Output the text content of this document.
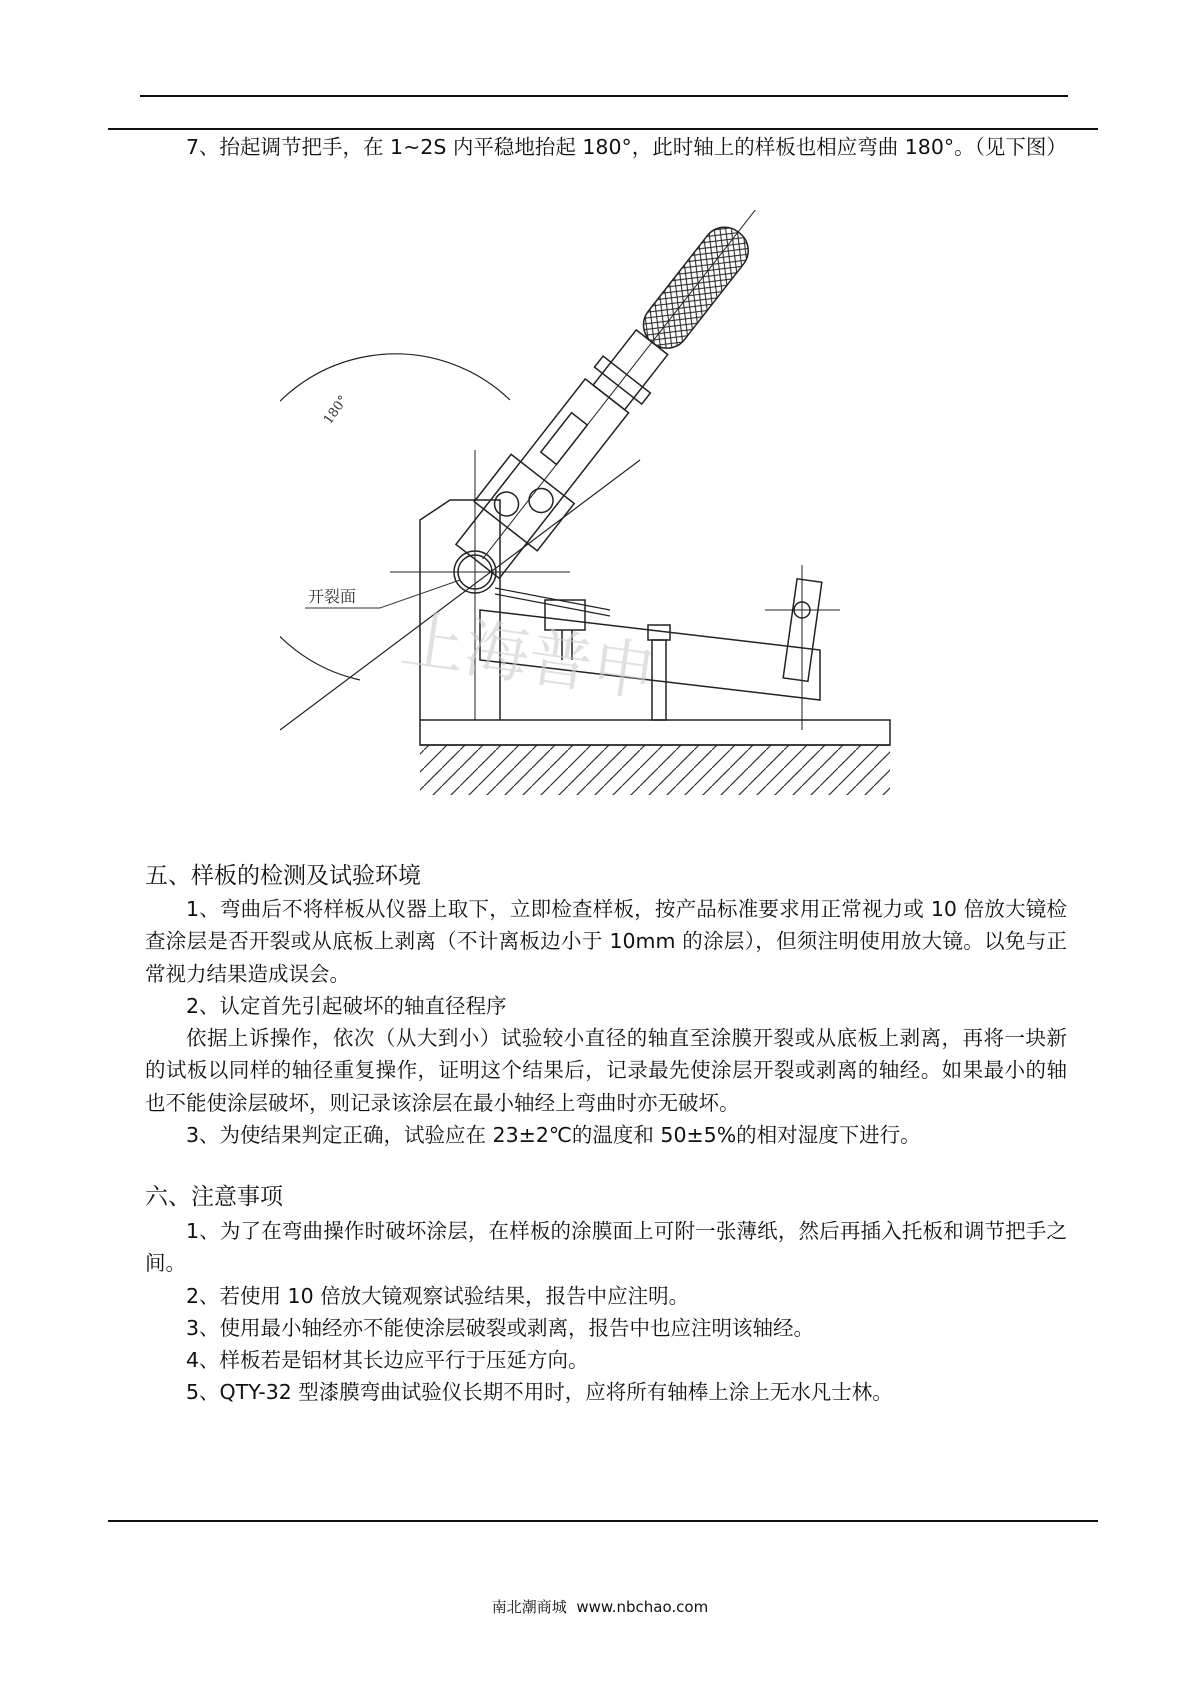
7、抬起调节把手，在 1~2S 内平稳地抬起 180°，此时轴上的样板也相应弯曲 180°。（见下图）

180°
开裂面
上海普申
五、样板的检测及试验环境

1、弯曲后不将样板从仪器上取下，立即检查样板，按产品标准要求用正常视力或 10 倍放大镜检查涂层是否开裂或从底板上剥离（不计离板边小于 10mm 的涂层），但须注明使用放大镜。以免与正常视力结果造成误会。

2、认定首先引起破坏的轴直径程序

依据上诉操作，依次（从大到小）试验较小直径的轴直至涂膜开裂或从底板上剥离，再将一块新的试板以同样的轴径重复操作，证明这个结果后，记录最先使涂层开裂或剥离的轴经。如果最小的轴也不能使涂层破坏，则记录该涂层在最小轴经上弯曲时亦无破坏。

3、为使结果判定正确，试验应在 23±2℃的温度和 50±5%的相对湿度下进行。

六、注意事项

1、为了在弯曲操作时破坏涂层，在样板的涂膜面上可附一张薄纸，然后再插入托板和调节把手之间。

2、若使用 10 倍放大镜观察试验结果，报告中应注明。

3、使用最小轴经亦不能使涂层破裂或剥离，报告中也应注明该轴经。

4、样板若是铝材其长边应平行于压延方向。

5、QTY-32 型漆膜弯曲试验仪长期不用时，应将所有轴棒上涂上无水凡士林。

南北潮商城  www.nbchao.com
